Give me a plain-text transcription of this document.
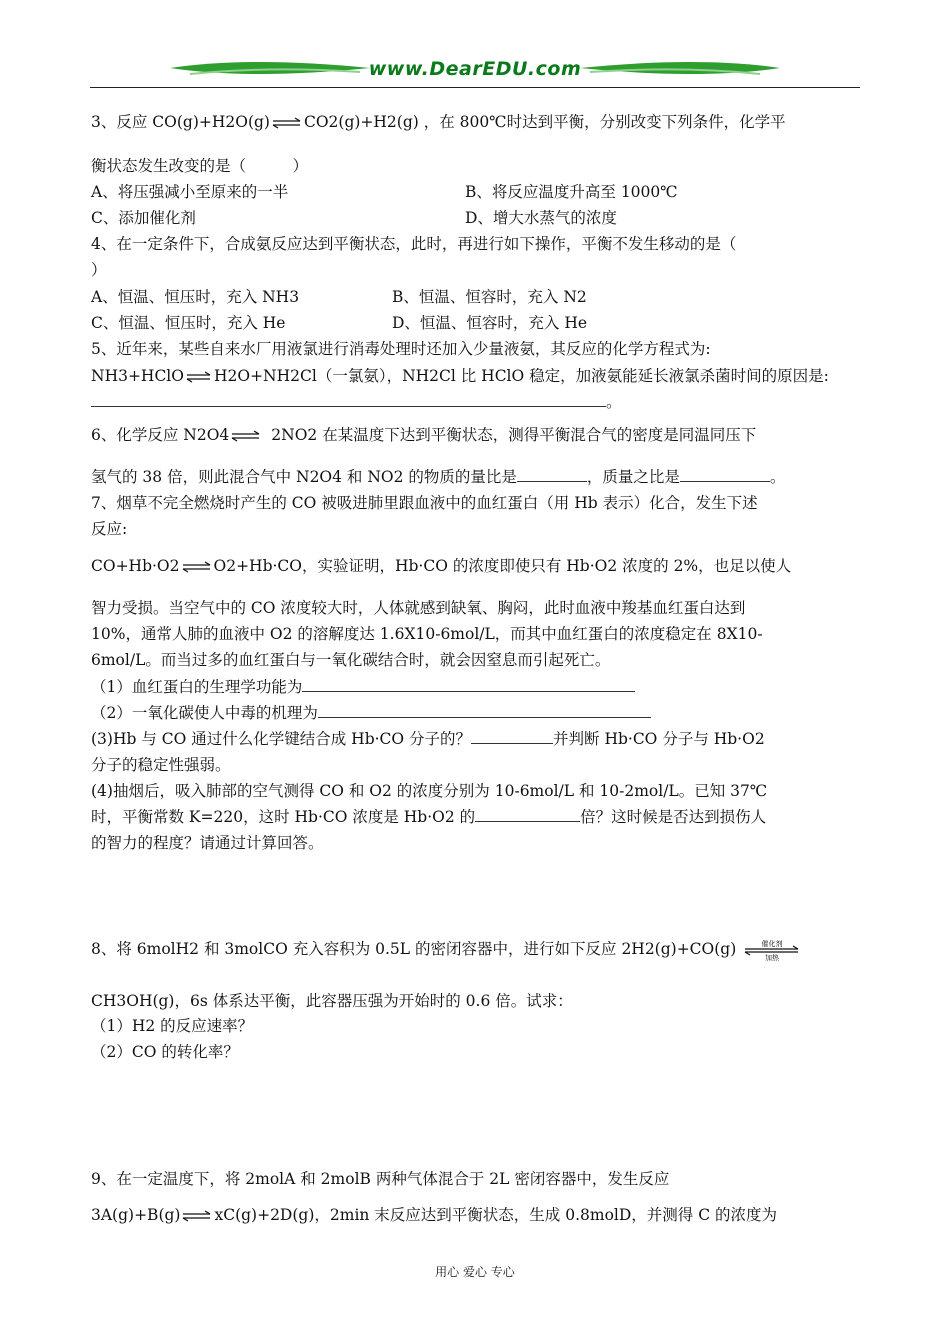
www.DearEDU.com
3、反应 CO(g)+H2O(g) ⇌ CO2(g)+H2(g) ，在 800℃时达到平衡，分别改变下列条件，化学平
衡状态发生改变的是（　　　）
A、将压强减小至原来的一半	B、将反应温度升高至 1000℃
C、添加催化剂	D、增大水蒸气的浓度
4、在一定条件下，合成氨反应达到平衡状态，此时，再进行如下操作，平衡不发生移动的是（
）
A、恒温、恒压时，充入 NH3	B、恒温、恒容时，充入 N2
C、恒温、恒压时，充入 He	D、恒温、恒容时，充入 He
5、近年来，某些自来水厂用液氯进行消毒处理时还加入少量液氨，其反应的化学方程式为:
NH3+HClO ⇌ H2O+NH2Cl（一氯氨），NH2Cl 比 HClO 稳定，加液氨能延长液氯杀菌时间的原因是:
。
6、化学反应 N2O4 ⇌ 2NO2 在某温度下达到平衡状态，测得平衡混合气的密度是同温同压下
氢气的 38 倍，则此混合气中 N2O4 和 NO2 的物质的量比是	，质量之比是	。
7、烟草不完全燃烧时产生的 CO 被吸进肺里跟血液中的血红蛋白（用 Hb 表示）化合，发生下述
反应:
CO+Hb·O2 ⇌ O2+Hb·CO，实验证明，Hb·CO 的浓度即使只有 Hb·O2 浓度的 2%，也足以使人
智力受损。当空气中的 CO 浓度较大时，人体就感到缺氧、胸闷，此时血液中羧基血红蛋白达到
10%，通常人肺的血液中 O2 的溶解度达 1.6X10-6mol/L，而其中血红蛋白的浓度稳定在 8X10-
6mol/L。而当过多的血红蛋白与一氧化碳结合时，就会因窒息而引起死亡。
（1）血红蛋白的生理学功能为
（2）一氧化碳使人中毒的机理为
(3)Hb 与 CO 通过什么化学键结合成 Hb·CO 分子的？	并判断 Hb·CO 分子与 Hb·O2
分子的稳定性强弱。
(4)抽烟后，吸入肺部的空气测得 CO 和 O2 的浓度分别为 10-6mol/L 和 10-2mol/L。已知 37℃
时，平衡常数 K=220，这时 Hb·CO 浓度是 Hb·O2 的	倍？这时候是否达到损伤人
的智力的程度？请通过计算回答。
8、将 6molH2 和 3molCO 充入容积为 0.5L 的密闭容器中，进行如下反应 2H2(g)+CO(g)	催化剂
加热
CH3OH(g)，6s 体系达平衡，此容器压强为开始时的 0.6 倍。试求：
（1）H2 的反应速率？
（2）CO 的转化率？
9、在一定温度下，将 2molA 和 2molB 两种气体混合于 2L 密闭容器中，发生反应
3A(g)+B(g) ⇌ xC(g)+2D(g)，2min 末反应达到平衡状态，生成 0.8molD，并测得 C 的浓度为
用心 爱心 专心
